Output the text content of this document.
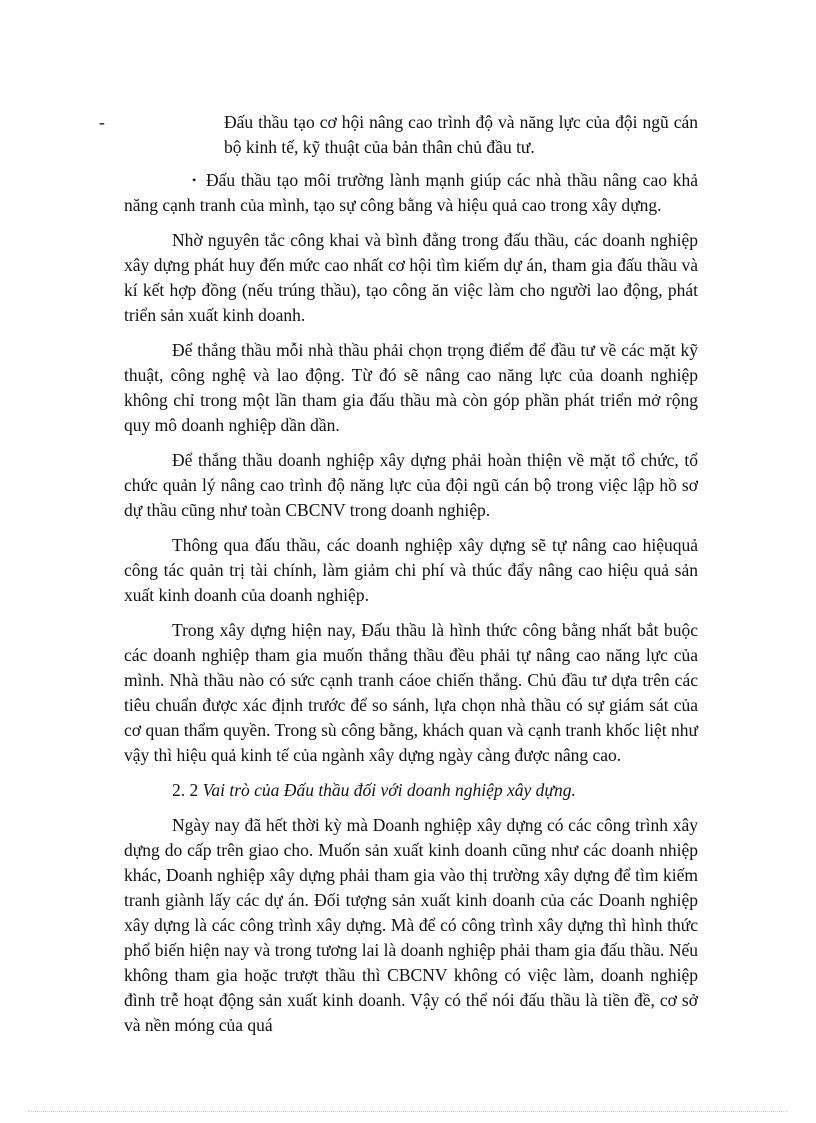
-	Đấu thầu tạo cơ hội nâng cao trình độ và năng lực của đội ngũ cán bộ kinh tế, kỹ thuật của bản thân chủ đầu tư.

• Đấu thầu tạo môi trường lành mạnh giúp các nhà thầu nâng cao khả năng cạnh tranh của mình, tạo sự công bằng và hiệu quả cao trong xây dựng.

Nhờ nguyên tắc công khai và bình đẳng trong đấu thầu, các doanh nghiệp xây dựng phát huy đến mức cao nhất cơ hội tìm kiếm dự án, tham gia đấu thầu và kí kết hợp đồng (nếu trúng thầu), tạo công ăn việc làm cho người lao động, phát triển sản xuất kinh doanh.

Để thắng thầu mỗi nhà thầu phải chọn trọng điểm để đầu tư về các mặt kỹ thuật, công nghệ và lao động. Từ đó sẽ nâng cao năng lực của doanh nghiệp không chỉ trong một lần tham gia đấu thầu mà còn góp phần phát triển mở rộng quy mô doanh nghiệp dần dần.

Để thắng thầu doanh nghiệp xây dựng phải hoàn thiện về mặt tổ chức, tổ chức quản lý nâng cao trình độ năng lực của đội ngũ cán bộ trong việc lập hồ sơ dự thầu cũng như toàn CBCNV trong doanh nghiệp.

Thông qua đấu thầu, các doanh nghiệp xây dựng sẽ tự nâng cao hiệuquả công tác quản trị tài chính, làm giảm chi phí và thúc đẩy nâng cao hiệu quả sản xuất kinh doanh của doanh nghiệp.

Trong xây dựng hiện nay, Đấu thầu là hình thức công bằng nhất bắt buộc các doanh nghiệp tham gia muốn thắng thầu đều phải tự nâng cao năng lực của mình. Nhà thầu nào có sức cạnh tranh cáoe chiến thắng. Chủ đầu tư dựa trên các tiêu chuẩn được xác định trước để so sánh, lựa chọn nhà thầu có sự giám sát của cơ quan thẩm quyền. Trong sù công bằng, khách quan và cạnh tranh khốc liệt như vậy thì hiệu quả kinh tế của ngành xây dựng ngày càng được nâng cao.

2. 2 Vai trò của Đấu thầu đối với doanh nghiệp xây dựng.

Ngày nay đã hết thời kỳ mà Doanh nghiệp xây dựng có các công trình xây dựng do cấp trên giao cho. Muốn sản xuất kinh doanh cũng như các doanh nhiệp khác, Doanh nghiệp xây dựng phải tham gia vào thị trường xây dựng để tìm kiếm tranh giành lấy các dự án. Đối tượng sản xuất kinh doanh của các Doanh nghiệp xây dựng là các công trình xây dựng. Mà để có công trình xây dựng thì hình thức phổ biến hiện nay và trong tương lai là doanh nghiệp phải tham gia đấu thầu. Nếu không tham gia hoặc trượt thầu thì CBCNV không có việc làm, doanh nghiệp đình trễ hoạt động sản xuất kinh doanh. Vậy có thể nói đấu thầu là tiền đề, cơ sở và nền móng của quá
